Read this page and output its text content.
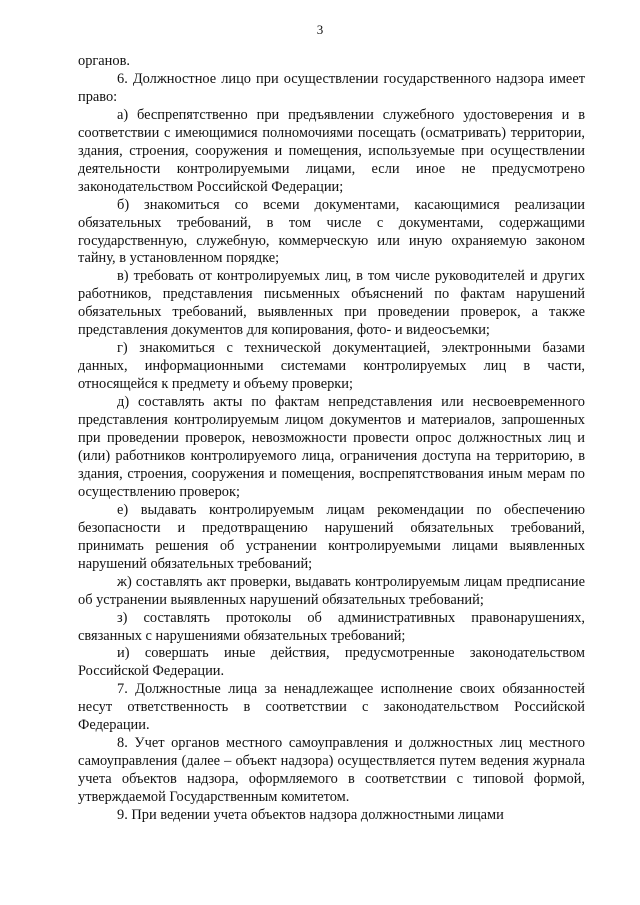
3

органов.

6. Должностное лицо при осуществлении государственного надзора имеет право:

а) беспрепятственно при предъявлении служебного удостоверения и в соответствии с имеющимися полномочиями посещать (осматривать) территории, здания, строения, сооружения и помещения, используемые при осуществлении деятельности контролируемыми лицами, если иное не предусмотрено законодательством Российской Федерации;

б) знакомиться со всеми документами, касающимися реализации обязательных требований, в том числе с документами, содержащими государственную, служебную, коммерческую или иную охраняемую законом тайну, в установленном порядке;

в) требовать от контролируемых лиц, в том числе руководителей и других работников, представления письменных объяснений по фактам нарушений обязательных требований, выявленных при проведении проверок, а также представления документов для копирования, фото- и видеосъемки;

г) знакомиться с технической документацией, электронными базами данных, информационными системами контролируемых лиц в части, относящейся к предмету и объему проверки;

д) составлять акты по фактам непредставления или несвоевременного представления контролируемым лицом документов и материалов, запрошенных при проведении проверок, невозможности провести опрос должностных лиц и (или) работников контролируемого лица, ограничения доступа на территорию, в здания, строения, сооружения и помещения, воспрепятствования иным мерам по осуществлению проверок;

е) выдавать контролируемым лицам рекомендации по обеспечению безопасности и предотвращению нарушений обязательных требований, принимать решения об устранении контролируемыми лицами выявленных нарушений обязательных требований;

ж) составлять акт проверки, выдавать контролируемым лицам предписание об устранении выявленных нарушений обязательных требований;

з) составлять протоколы об административных правонарушениях, связанных с нарушениями обязательных требований;

и) совершать иные действия, предусмотренные законодательством Российской Федерации.

7. Должностные лица за ненадлежащее исполнение своих обязанностей несут ответственность в соответствии с законодательством Российской Федерации.

8. Учет органов местного самоуправления и должностных лиц местного самоуправления (далее – объект надзора) осуществляется путем ведения журнала учета объектов надзора, оформляемого в соответствии с типовой формой, утверждаемой Государственным комитетом.

9. При ведении учета объектов надзора должностными лицами
